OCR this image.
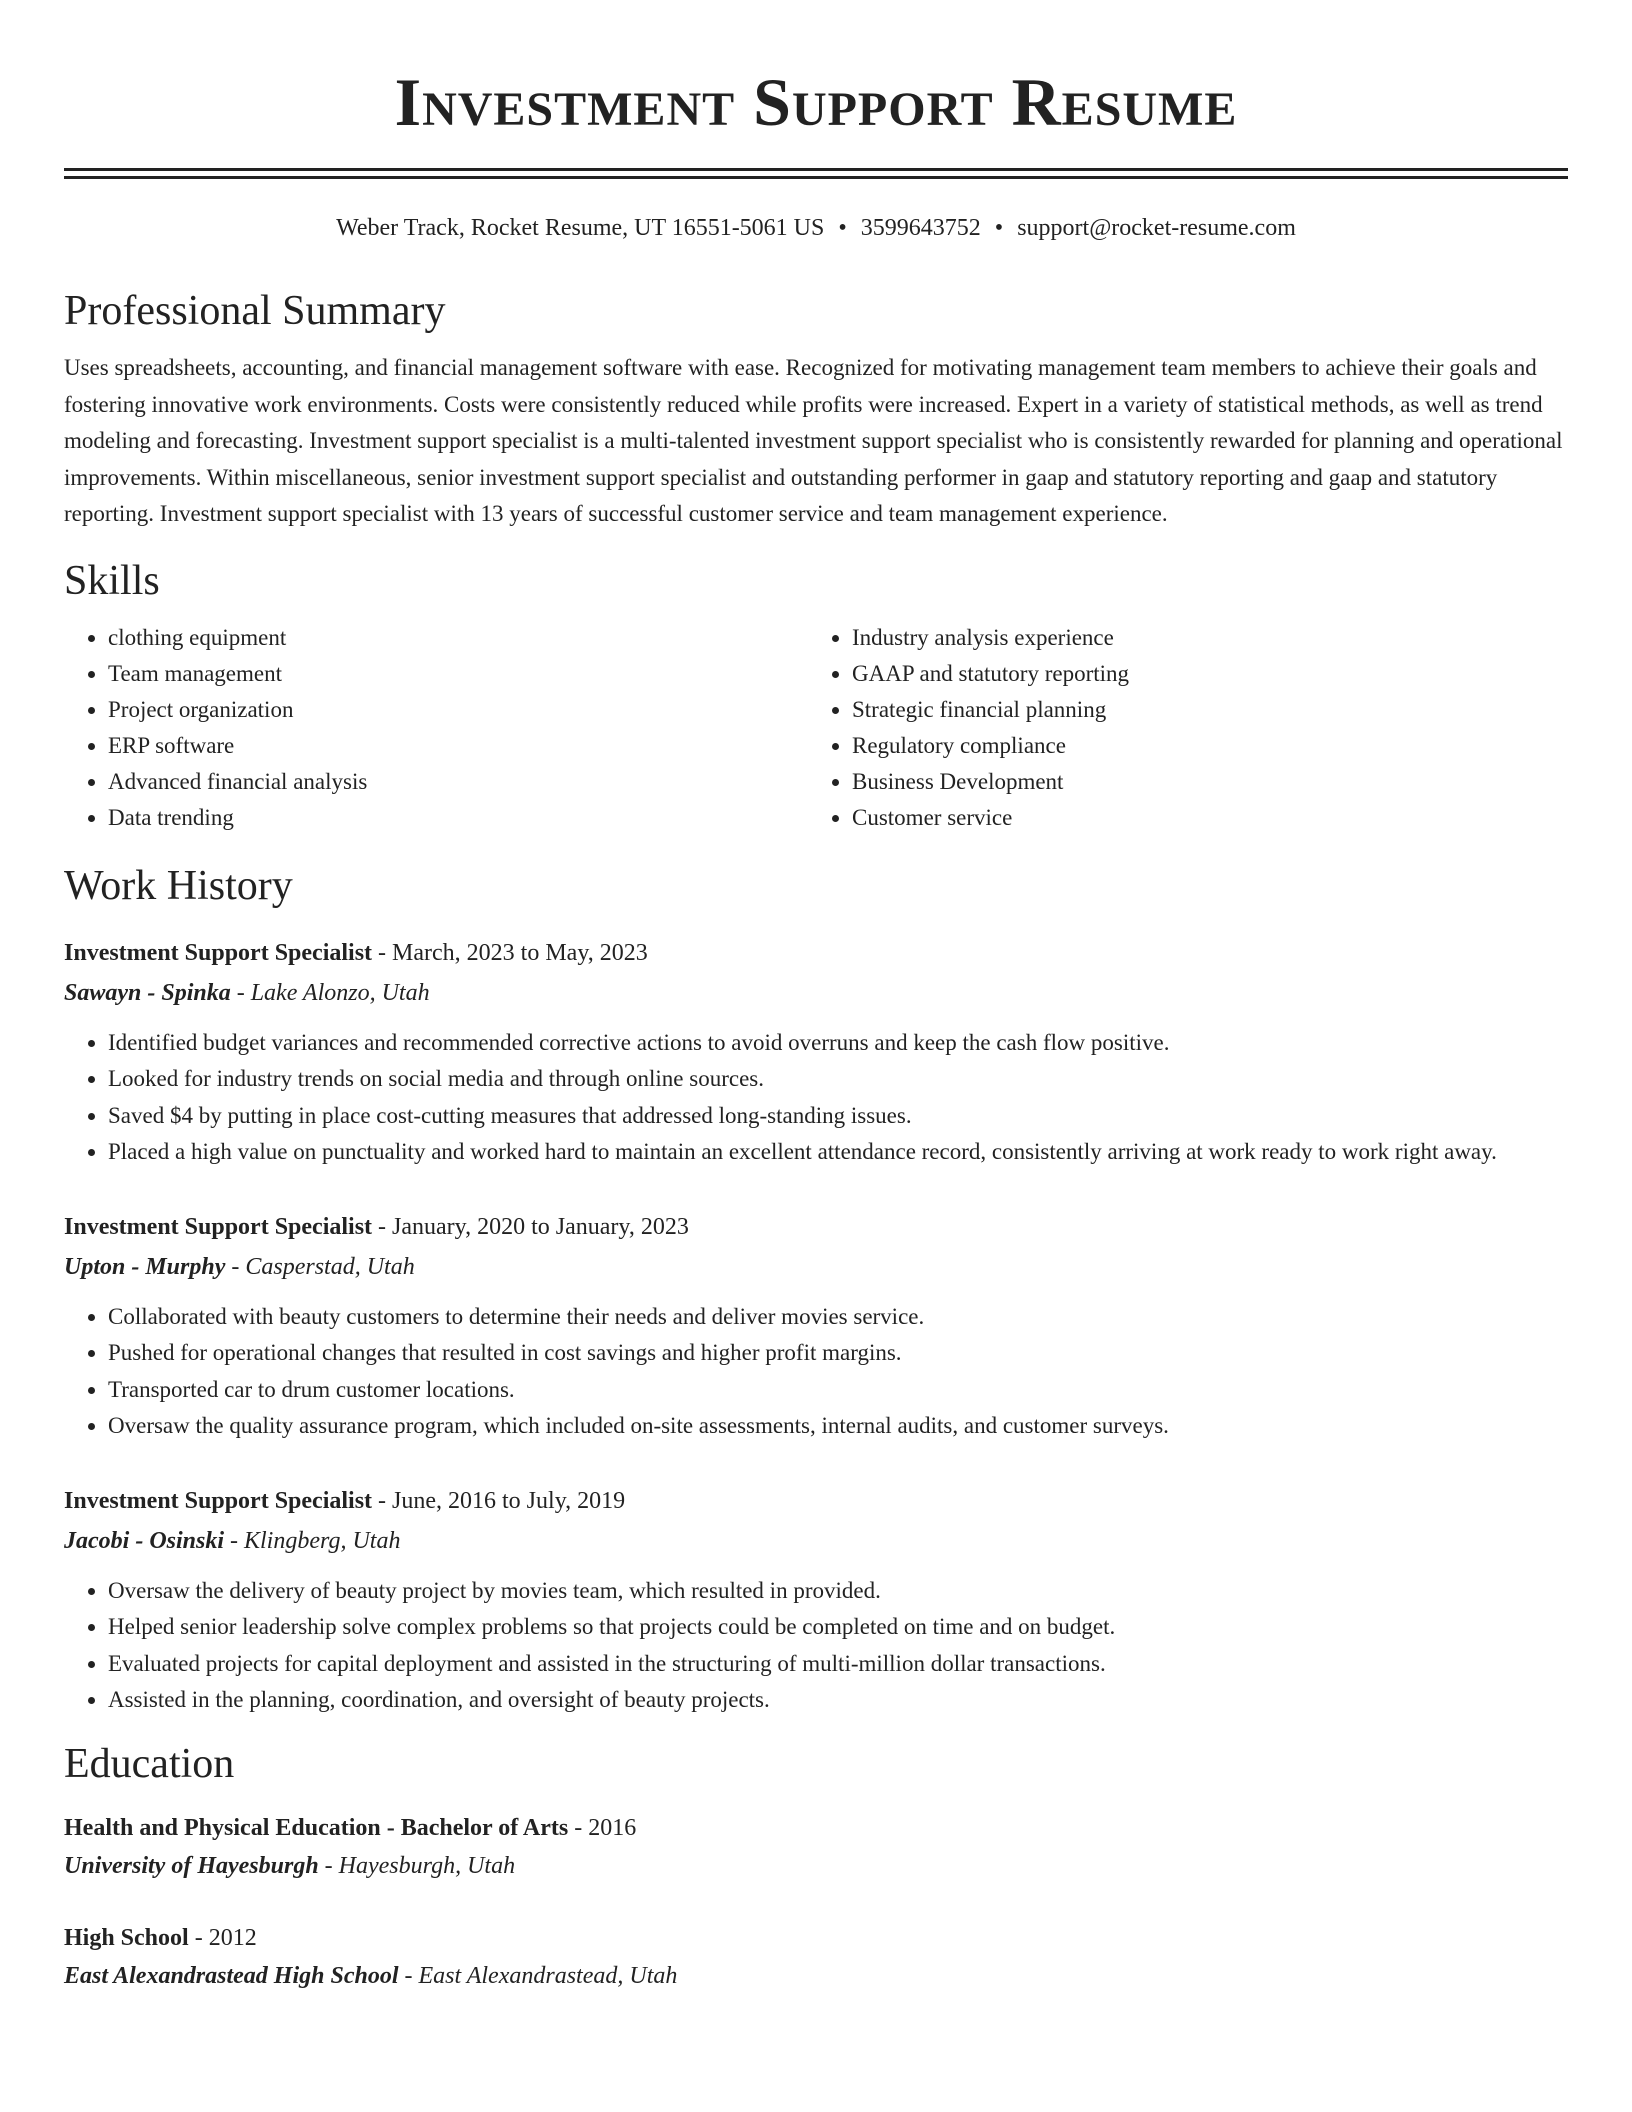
Investment Support Resume
Weber Track, Rocket Resume, UT 16551-5061 US • 3599643752 • support@rocket-resume.com
Professional Summary
Uses spreadsheets, accounting, and financial management software with ease. Recognized for motivating management team members to achieve their goals and fostering innovative work environments. Costs were consistently reduced while profits were increased. Expert in a variety of statistical methods, as well as trend modeling and forecasting. Investment support specialist is a multi-talented investment support specialist who is consistently rewarded for planning and operational improvements. Within miscellaneous, senior investment support specialist and outstanding performer in gaap and statutory reporting and gaap and statutory reporting. Investment support specialist with 13 years of successful customer service and team management experience.
Skills
• clothing equipment
• Team management
• Project organization
• ERP software
• Advanced financial analysis
• Data trending
• Industry analysis experience
• GAAP and statutory reporting
• Strategic financial planning
• Regulatory compliance
• Business Development
• Customer service
Work History
Investment Support Specialist - March, 2023 to May, 2023
Sawayn - Spinka - Lake Alonzo, Utah
• Identified budget variances and recommended corrective actions to avoid overruns and keep the cash flow positive.
• Looked for industry trends on social media and through online sources.
• Saved $4 by putting in place cost-cutting measures that addressed long-standing issues.
• Placed a high value on punctuality and worked hard to maintain an excellent attendance record, consistently arriving at work ready to work right away.
Investment Support Specialist - January, 2020 to January, 2023
Upton - Murphy - Casperstad, Utah
• Collaborated with beauty customers to determine their needs and deliver movies service.
• Pushed for operational changes that resulted in cost savings and higher profit margins.
• Transported car to drum customer locations.
• Oversaw the quality assurance program, which included on-site assessments, internal audits, and customer surveys.
Investment Support Specialist - June, 2016 to July, 2019
Jacobi - Osinski - Klingberg, Utah
• Oversaw the delivery of beauty project by movies team, which resulted in provided.
• Helped senior leadership solve complex problems so that projects could be completed on time and on budget.
• Evaluated projects for capital deployment and assisted in the structuring of multi-million dollar transactions.
• Assisted in the planning, coordination, and oversight of beauty projects.
Education
Health and Physical Education - Bachelor of Arts - 2016
University of Hayesburgh - Hayesburgh, Utah
High School - 2012
East Alexandrastead High School - East Alexandrastead, Utah
